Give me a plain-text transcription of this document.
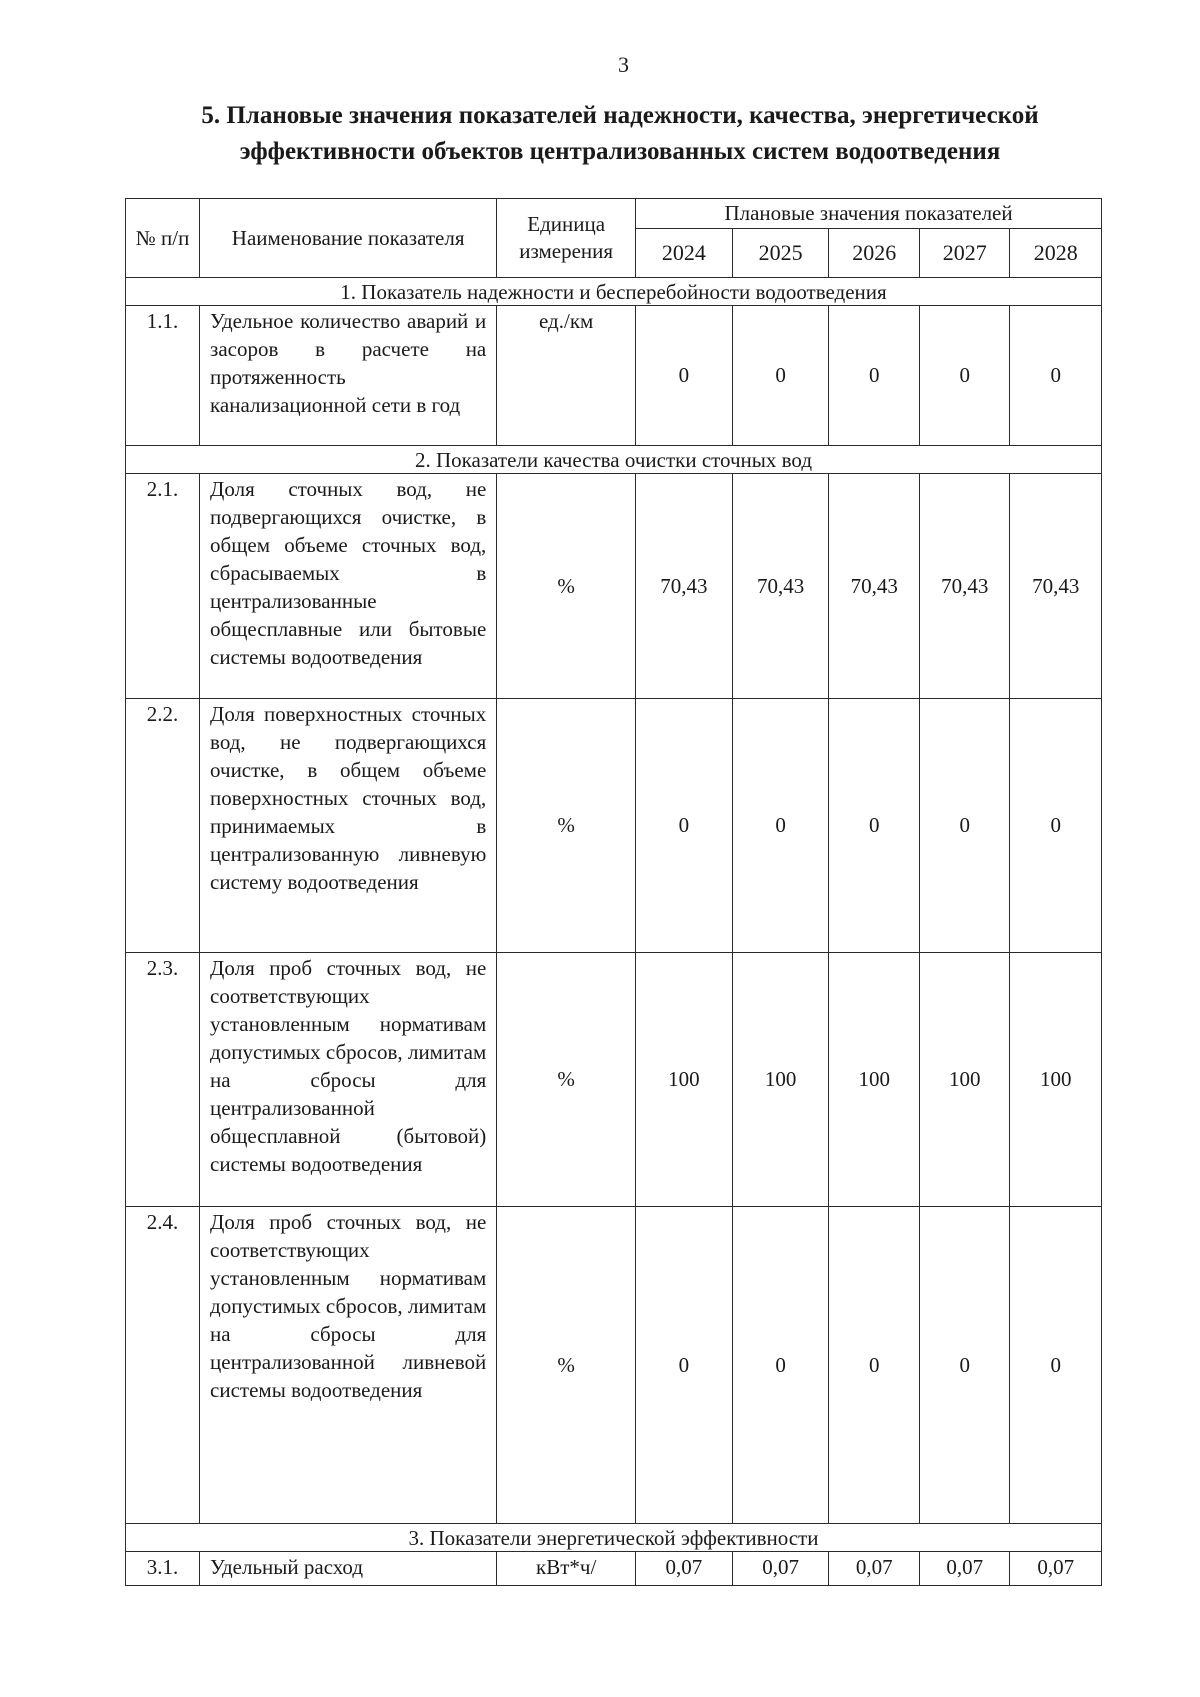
3
5. Плановые значения показателей надежности, качества, энергетической
эффективности объектов централизованных систем водоотведения
№ п/п	Наименование показателя	Единица измерения	Плановые значения показателей				
			2024	2025	2026	2027	2028
1. Показатель надежности и бесперебойности водоотведения							
1.1.	Удельное количество аварий и засоров в расчете на протяженность канализационной сети в год	ед./км	0	0	0	0	0
2. Показатели качества очистки сточных вод							
2.1.	Доля сточных вод, не подвергающихся очистке, в общем объеме сточных вод, сбрасываемых в централизованные общесплавные или бытовые системы водоотведения	%	70,43	70,43	70,43	70,43	70,43
2.2.	Доля поверхностных сточных вод, не подвергающихся очистке, в общем объеме поверхностных сточных вод, принимаемых в централизованную ливневую систему водоотведения	%	0	0	0	0	0
2.3.	Доля проб сточных вод, не соответствующих установленным нормативам допустимых сбросов, лимитам на сбросы для централизованной общесплавной (бытовой) системы водоотведения	%	100	100	100	100	100
2.4.	Доля проб сточных вод, не соответствующих установленным нормативам допустимых сбросов, лимитам на сбросы для централизованной ливневой системы водоотведения	%	0	0	0	0	0
3. Показатели энергетической эффективности							
3.1.	Удельный расход	кВт*ч/	0,07	0,07	0,07	0,07	0,07
